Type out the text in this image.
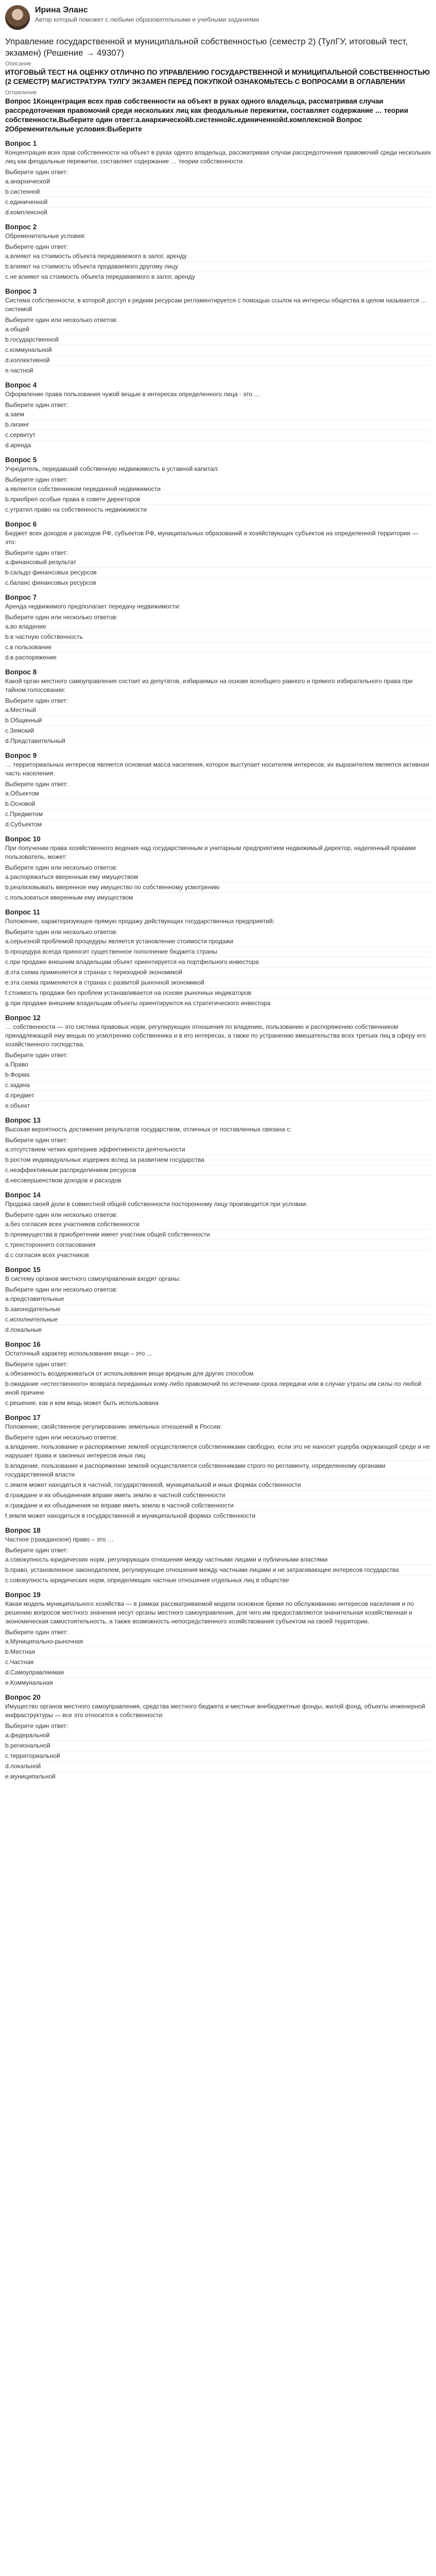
Ирина Эланс
Автор который поможет с любыми образовательными и учебными заданиями
Управление государственной и муниципальной собственностью (семестр 2) (ТулГУ, итоговый тест, экзамен) (Решение → 49307)
Описание
ИТОГОВЫЙ ТЕСТ НА ОЦЕНКУ ОТЛИЧНО ПО УПРАВЛЕНИЮ ГОСУДАРСТВЕННОЙ И МУНИЦИПАЛЬНОЙ СОБСТВЕННОСТЬЮ (2 СЕМЕСТР) МАГИСТРАТУРА ТУЛГУ ЭКЗАМЕН ПЕРЕД ПОКУПКОЙ ОЗНАКОМЬТЕСЬ С ВОПРОСАМИ В ОГЛАВЛЕНИИ
Оглавление
Вопрос 1Концентрация всех прав собственности на объект в руках одного владельца, рассматривая случаи рассредоточения правомочий среди нескольких лиц как феодальные пережитки, составляет содержание … теории собственности.Выберите один ответ:a.анархическойb.систеннойc.единиченнойd.комплексной Вопрос 2Обременительные условия:Выберите
Вопрос 1
Концентрация всех прав собственности на объект в руках одного владельца, рассматривая случаи рассредоточения правомочий среди нескольких лиц как феодальные пережитки, составляет содержание … теории собственности.
Выберите один ответ:
a.анархической
b.систенной
c.единиченной
d.комплексной
Вопрос 2
Обременительные условия:
Выберите один ответ:
a.влияют на стоимость объекта передаваемого в залог, аренду
b.влияют на стоимость объекта продаваемого другому лицу
c.не влияют на стоимость объекта передаваемого в залог, аренду
Вопрос 3
Система собственности, в которой доступ к редким ресурсам регламентируется с помощью ссылок на интересы общества в целом называется … системой
Выберите один или несколько ответов:
a.общей
b.государственной
c.коммунальной
d.коллективной
e.частной
Вопрос 4
Оформление права пользования чужой вещью в интересах определенного лица - это …
Выберите один ответ:
a.заем
b.лизинг
c.сервитут
d.аренда
Вопрос 5
Учредитель, передавший собственную недвижимость в уставной капитал:
Выберите один ответ:
a.является собственником переданной недвижимости
b.приобрел особые права в совете директоров
c.утратил право на собственность недвижимости
Вопрос 6
Бюджет всех доходов и расходов РФ, субъектов РФ, муниципальных образований и хозяйствующих субъектов на определенной территории — это:
Выберите один ответ:
a.финансовый результат
b.сальдо финансовых ресурсов
c.баланс финансовых ресурсов
Вопрос 7
Аренда недвижимого предполагает передачу недвижимости:
Выберите один или несколько ответов:
a.во владение
b.в частную собственность
c.в пользование
d.в распоряжение
Вопрос 8
Какой орган местного самоуправления состоит из депутатов, избираемых на основе всеобщего равного и прямого избирательного права при тайном голосовании:
Выберите один ответ:
a.Местный
b.Общинный
c.Земский
d.Представительный
Вопрос 9
… территориальных интересов является основная масса населения, которое выступает носителем интересов, их выразителем является активная часть населения:
Выберите один ответ:
a.Объектом
b.Основой
c.Предметом
d.Субъектом
Вопрос 10
При получении права хозяйственного ведения над государственным и унитарным предприятием недвижимый директор, наделенный правами пользователь, может:
Выберите один или несколько ответов:
a.распоряжаться вверенным ему имуществом
b.реализовывать вверенное ему имущество по собственному усмотрению
c.пользоваться вверенным ему имуществом
Вопрос 11
Положение, характеризующее прямую продажу действующих государственных предприятий:
Выберите один или несколько ответов:
a.серьезной проблемой процедуры является установление стоимости продажи
b.процедура всегда приносит существенное пополнение бюджета страны
c.при продаже внешним владельцам объект ориентируется на портфельного инвестора
d.эта схема применяется в странах с переходной экономикой
e.эта схема применяется в странах с развитой рыночной экономикой
f.стоимость продажи без проблем устанавливается на основе рыночных индикаторов
g.при продаже внешним владельцам объекты ориентируются на стратегического инвестора
Вопрос 12
… собственности — это система правовых норм, регулирующих отношения по владению, пользованию и распоряжению собственником принадлежащей ему вещью по усмотрению собственника и в его интересах, а также по устранению вмешательства всех третьих лиц в сферу его хозяйственного господства.
Выберите один ответ:
a.Право
b.Форма
c.задача
d.предмет
e.объект
Вопрос 13
Высокая вероятность достижения результатов государством, отличных от поставленных связана с:
Выберите один ответ:
a.отсутствием четких критериев эффективности деятельности
b.ростом индивидуальных издержек вслед за развитием государства
c.неэффективным распределением ресурсов
d.несовершенством доходов и расходов
Вопрос 14
Продажа своей доли в совместной общей собственности посторонному лицу производится при условии:
Выберите один или несколько ответов:
a.без согласия всех участников собственности
b.преимущества в приобретении имеет участник общей собственности
c.трехстороннего согласования
d.с согласия всех участников
Вопрос 15
В систему органов местного самоуправления входят органы:
Выберите один или несколько ответов:
a.представительные
b.законодательные
c.исполнительные
d.локальные
Вопрос 16
Остаточный характер использования вещи – это …
Выберите один ответ:
a.обязанность воздерживаться от использования вещи вредным для других способом
b.ожидание «естественного» возврата переданных кому-либо правомочий по истечении срока передачи или в случае утраты им силы по любой иной причине
c.решение, как и кем вещь может быть использована
Вопрос 17
Положение, свойственное регулированию земельных отношений в России:
Выберите один или несколько ответов:
a.владение, пользование и распоряжение землей осуществляется собственниками свободно, если это не наносит ущерба окружающей среде и не нарушает права и законных интересов иных лиц
b.владение, пользование и распоряжение землей осуществляется собственниками строго по регламенту, определенному органами государственной власти
c.земля может находиться в частной, государственной, муниципальной и иных формах собственности
d.граждане и их объединения вправе иметь землю в частной собственности
e.граждане и их объединения не вправе иметь землю в частной собственности
f.земля может находиться в государственной и муниципальной формах собственности
Вопрос 18
Частное (гражданское) право – это …
Выберите один ответ:
a.совокупность юридических норм, регулирующих отношения между частными лицами и публичными властями
b.право, установленное законодателем, регулирующее отношения между частными лицами и не затрагивающее интересов государства
c.совокупность юридических норм, определяющих частные отношения отдельных лиц в обществе
Вопрос 19
Какая модель муниципального хозяйства — в рамках рассматриваемой модели основное бремя по обслуживанию интересов населения и по решению вопросов местного значения несут органы местного самоуправления, для чего им предоставляются значительная хозяйственная и экономическая самостоятельность, а также возможность непосредственного хозяйствования субъектом на своей территории.
Выберите один ответ:
a.Муниципально-рыночная
b.Местная
c.Частная
d.Самоуправляемая
e.Коммунальная
Вопрос 20
Имущество органов местного самоуправления, средства местного бюджета и местные внебюджетные фонды, жилой фонд, объекты инженерной инфраструктуры — все это относится к собственности:
Выберите один ответ:
a.федеральной
b.региональной
c.территориальной
d.локальной
e.муниципальной
